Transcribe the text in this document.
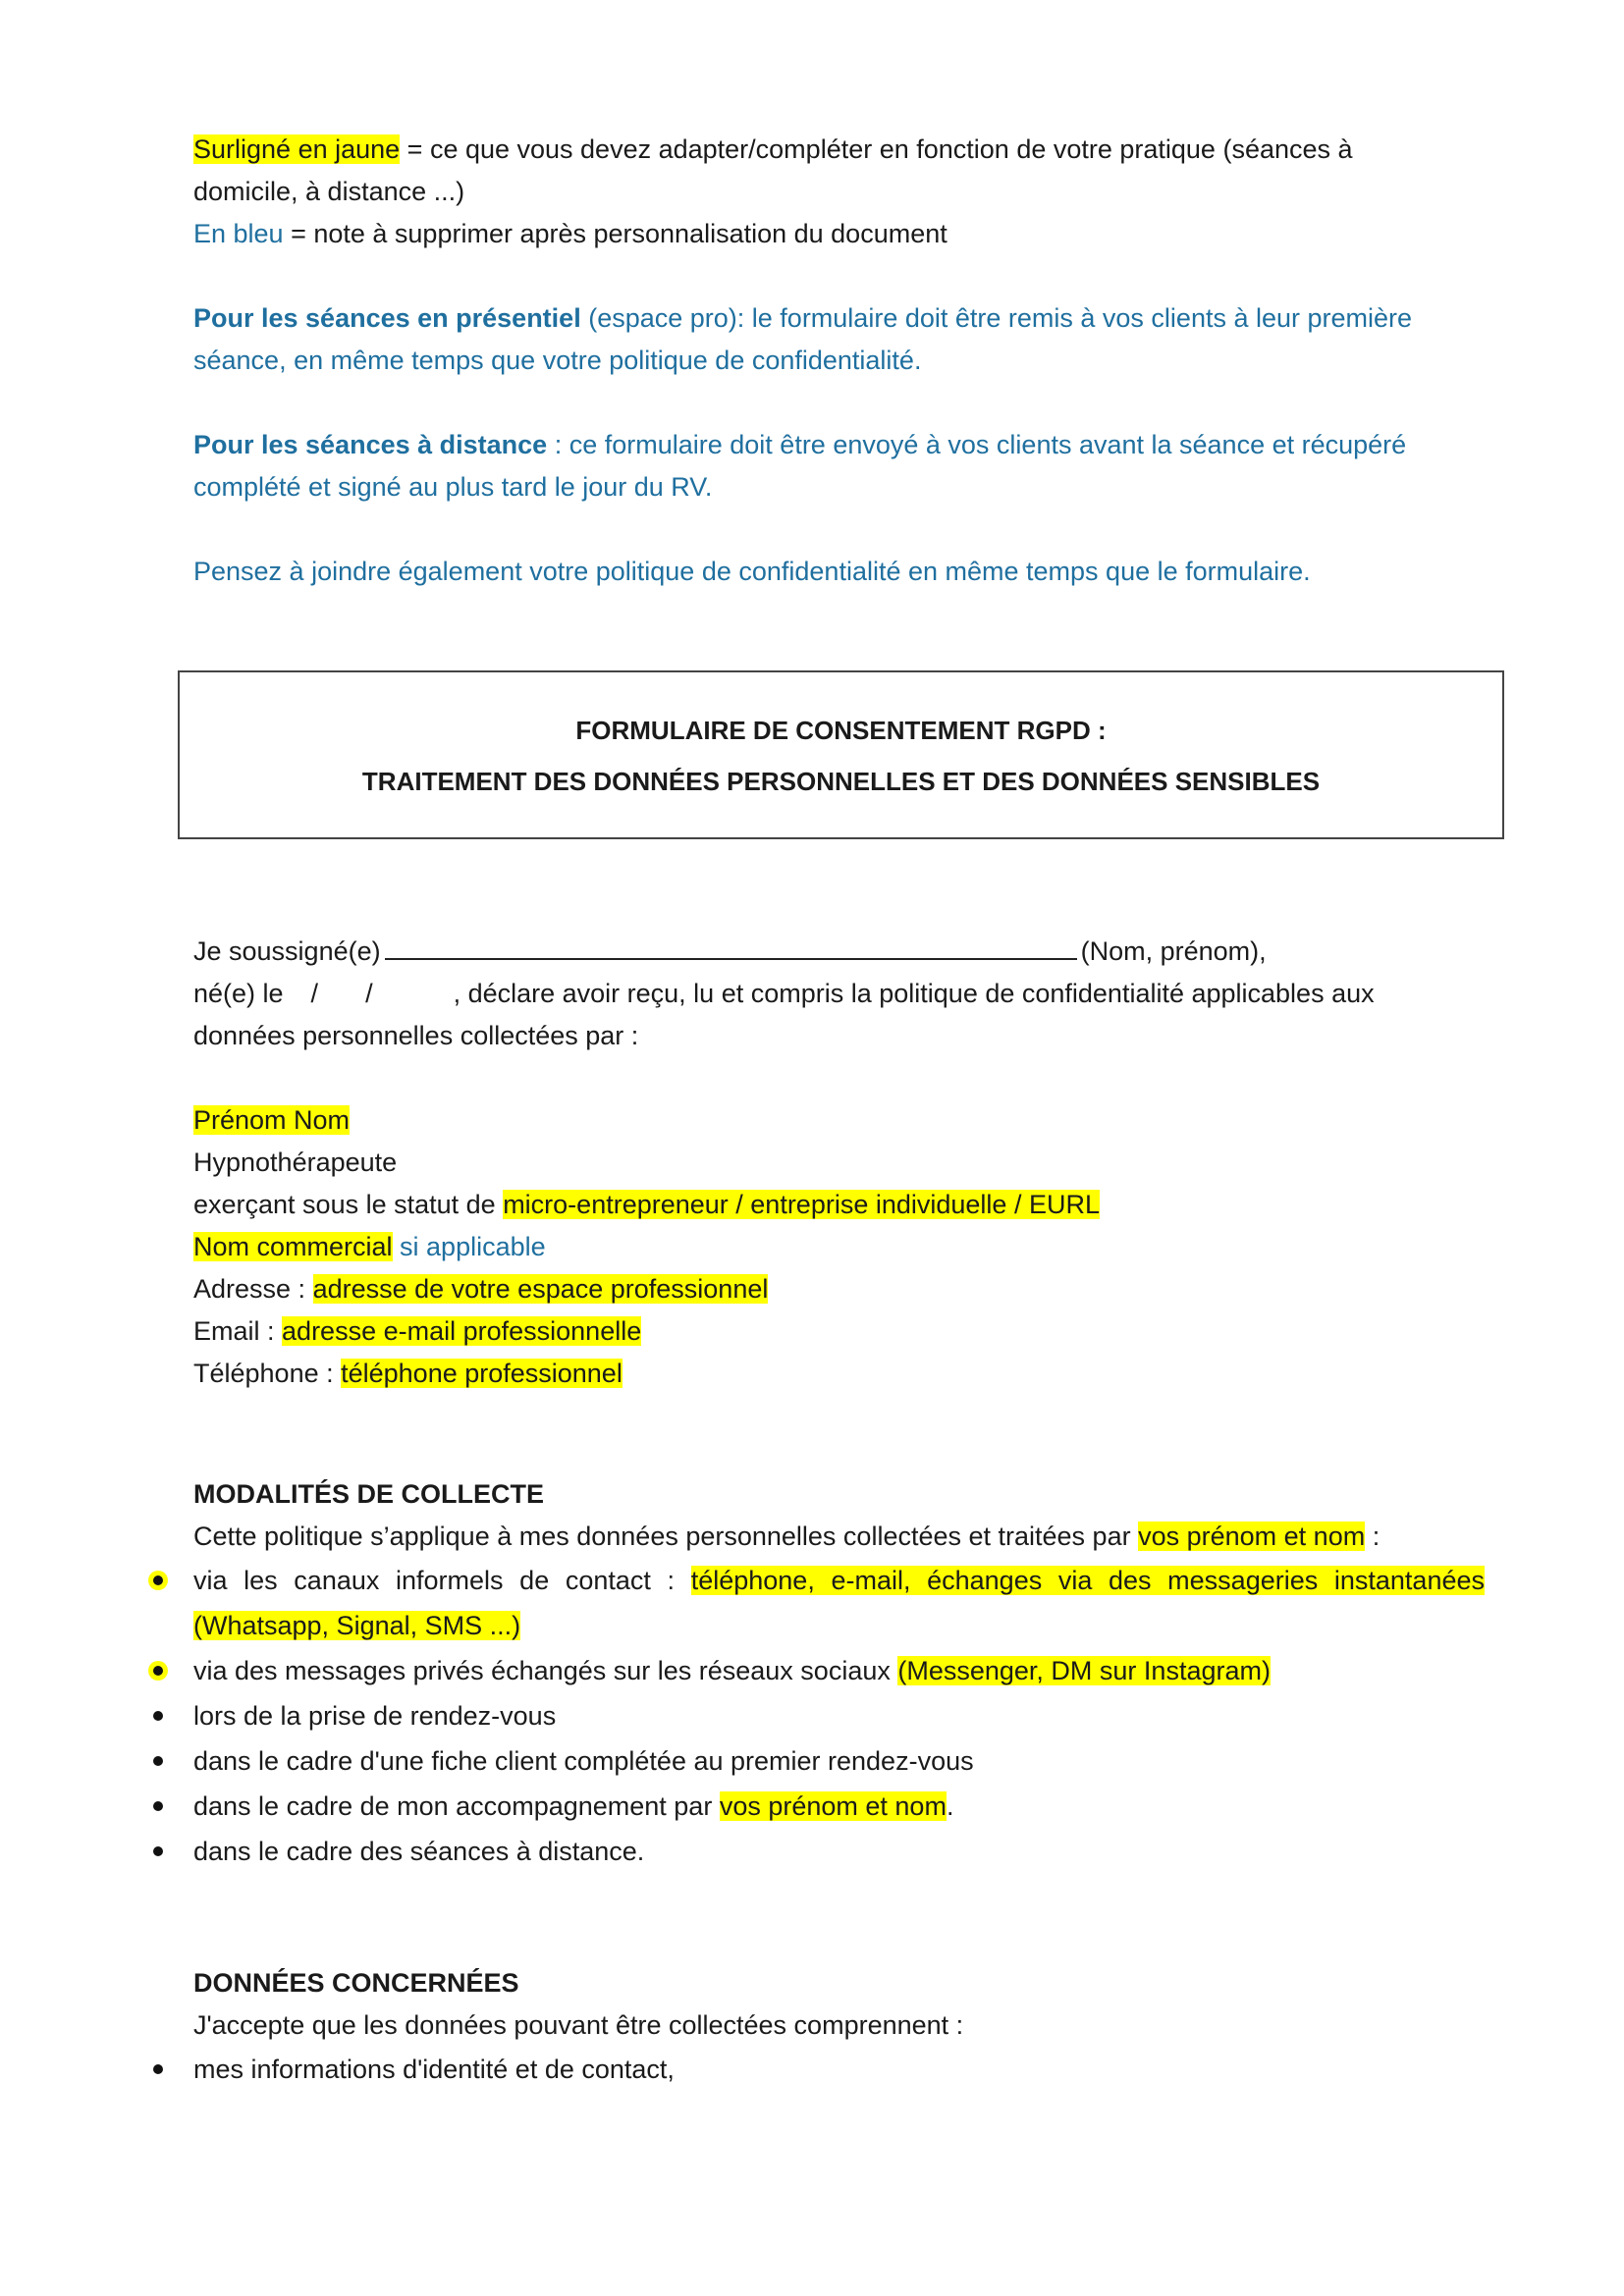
Surligné en jaune = ce que vous devez adapter/compléter en fonction de votre pratique (séances à
domicile, à distance ...)
En bleu = note à supprimer après personnalisation du document
Pour les séances en présentiel (espace pro): le formulaire doit être remis à vos clients à leur première
séance, en même temps que votre politique de confidentialité.
Pour les séances à distance : ce formulaire doit être envoyé à vos clients avant la séance et récupéré
complété et signé au plus tard le jour du RV.
Pensez à joindre également votre politique de confidentialité en même temps que le formulaire.
FORMULAIRE DE CONSENTEMENT RGPD :
TRAITEMENT DES DONNÉES PERSONNELLES ET DES DONNÉES SENSIBLES
Je soussigné(e)	(Nom, prénom),
né(e) le / /	, déclare avoir reçu, lu et compris la politique de confidentialité applicables aux
données personnelles collectées par :
Prénom Nom
Hypnothérapeute
exerçant sous le statut de micro-entrepreneur / entreprise individuelle / EURL
Nom commercial si applicable
Adresse : adresse de votre espace professionnel
Email : adresse e-mail professionnelle
Téléphone : téléphone professionnel
MODALITÉS DE COLLECTE
Cette politique s’applique à mes données personnelles collectées et traitées par vos prénom et nom :
via les canaux informels de contact : téléphone, e-mail, échanges via des messageries instantanées
(Whatsapp, Signal, SMS ...)
via des messages privés échangés sur les réseaux sociaux (Messenger, DM sur Instagram)
lors de la prise de rendez-vous
dans le cadre d'une fiche client complétée au premier rendez-vous
dans le cadre de mon accompagnement par vos prénom et nom.
dans le cadre des séances à distance.
DONNÉES CONCERNÉES
J'accepte que les données pouvant être collectées comprennent :
mes informations d'identité et de contact,
